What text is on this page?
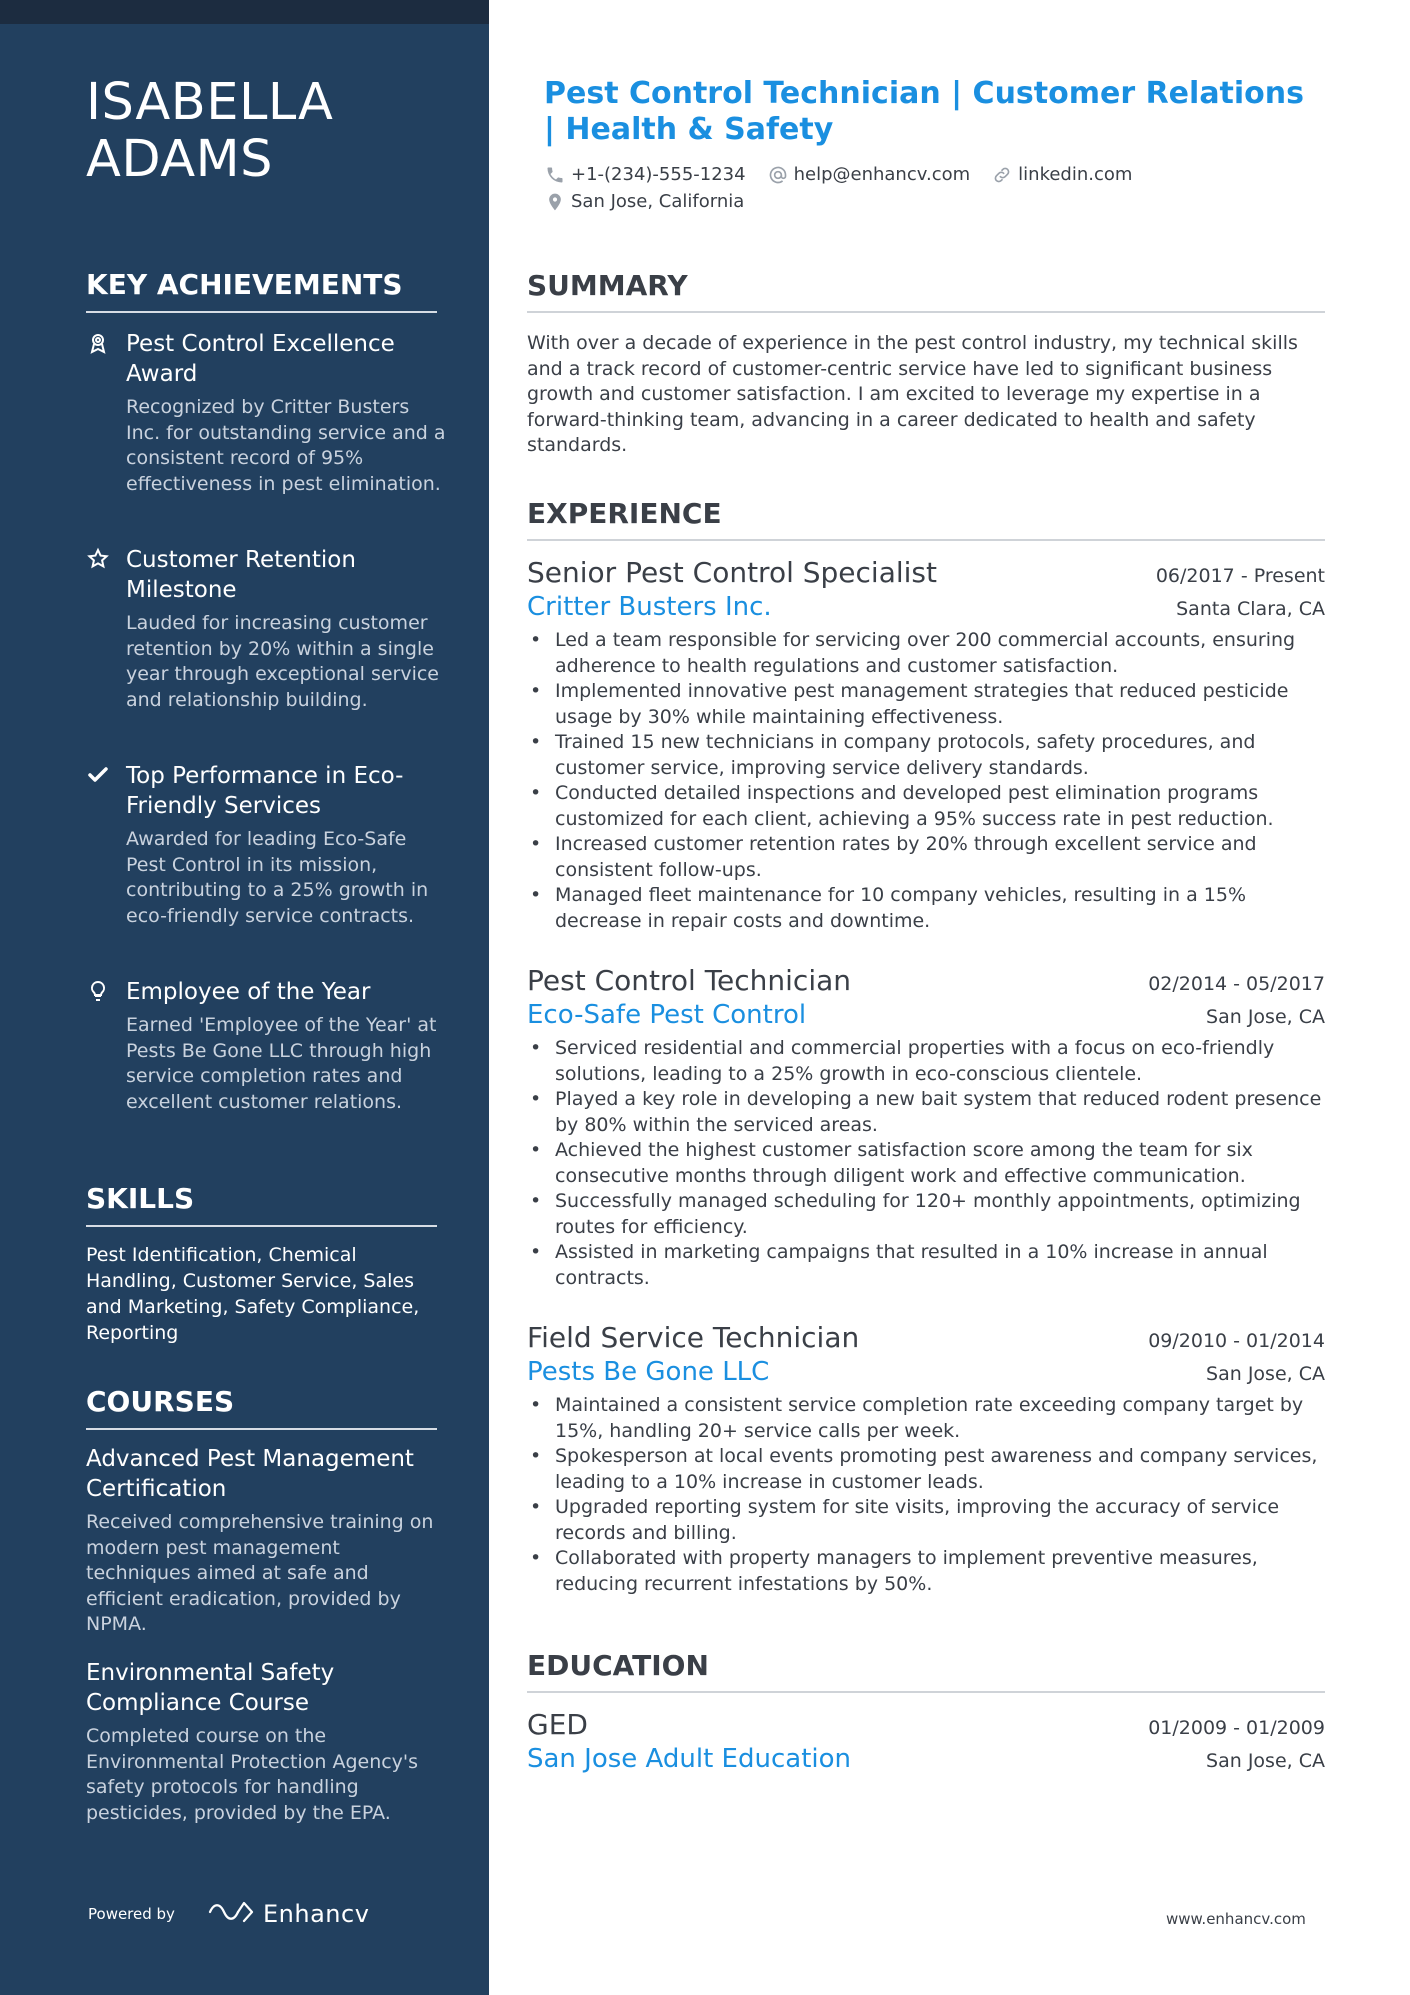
ISABELLA ADAMS
KEY ACHIEVEMENTS
Pest Control Excellence Award
Recognized by Critter Busters Inc. for outstanding service and a consistent record of 95% effectiveness in pest elimination.
Customer Retention Milestone
Lauded for increasing customer retention by 20% within a single year through exceptional service and relationship building.
Top Performance in Eco-Friendly Services
Awarded for leading Eco-Safe Pest Control in its mission, contributing to a 25% growth in eco-friendly service contracts.
Employee of the Year
Earned 'Employee of the Year' at Pests Be Gone LLC through high service completion rates and excellent customer relations.
SKILLS
Pest Identification, Chemical Handling, Customer Service, Sales and Marketing, Safety Compliance, Reporting
COURSES
Advanced Pest Management Certification
Received comprehensive training on modern pest management techniques aimed at safe and efficient eradication, provided by NPMA.
Environmental Safety Compliance Course
Completed course on the Environmental Protection Agency's safety protocols for handling pesticides, provided by the EPA.
Powered by	Enhancv
Pest Control Technician | Customer Relations | Health & Safety
+1-(234)-555-1234	help@enhancv.com	linkedin.com
San Jose, California
SUMMARY

With over a decade of experience in the pest control industry, my technical skills and a track record of customer-centric service have led to significant business growth and customer satisfaction. I am excited to leverage my expertise in a forward-thinking team, advancing in a career dedicated to health and safety standards.

EXPERIENCE
Senior Pest Control Specialist	06/2017 - Present
Critter Busters Inc.	Santa Clara, CA
• Led a team responsible for servicing over 200 commercial accounts, ensuring adherence to health regulations and customer satisfaction.
• Implemented innovative pest management strategies that reduced pesticide usage by 30% while maintaining effectiveness.
• Trained 15 new technicians in company protocols, safety procedures, and customer service, improving service delivery standards.
• Conducted detailed inspections and developed pest elimination programs customized for each client, achieving a 95% success rate in pest reduction.
• Increased customer retention rates by 20% through excellent service and consistent follow-ups.
• Managed fleet maintenance for 10 company vehicles, resulting in a 15% decrease in repair costs and downtime.
Pest Control Technician	02/2014 - 05/2017
Eco-Safe Pest Control	San Jose, CA
• Serviced residential and commercial properties with a focus on eco-friendly solutions, leading to a 25% growth in eco-conscious clientele.
• Played a key role in developing a new bait system that reduced rodent presence by 80% within the serviced areas.
• Achieved the highest customer satisfaction score among the team for six consecutive months through diligent work and effective communication.
• Successfully managed scheduling for 120+ monthly appointments, optimizing routes for efficiency.
• Assisted in marketing campaigns that resulted in a 10% increase in annual contracts.
Field Service Technician	09/2010 - 01/2014
Pests Be Gone LLC	San Jose, CA
• Maintained a consistent service completion rate exceeding company target by 15%, handling 20+ service calls per week.
• Spokesperson at local events promoting pest awareness and company services, leading to a 10% increase in customer leads.
• Upgraded reporting system for site visits, improving the accuracy of service records and billing.
• Collaborated with property managers to implement preventive measures, reducing recurrent infestations by 50%.
EDUCATION
GED	01/2009 - 01/2009
San Jose Adult Education	San Jose, CA
www.enhancv.com
